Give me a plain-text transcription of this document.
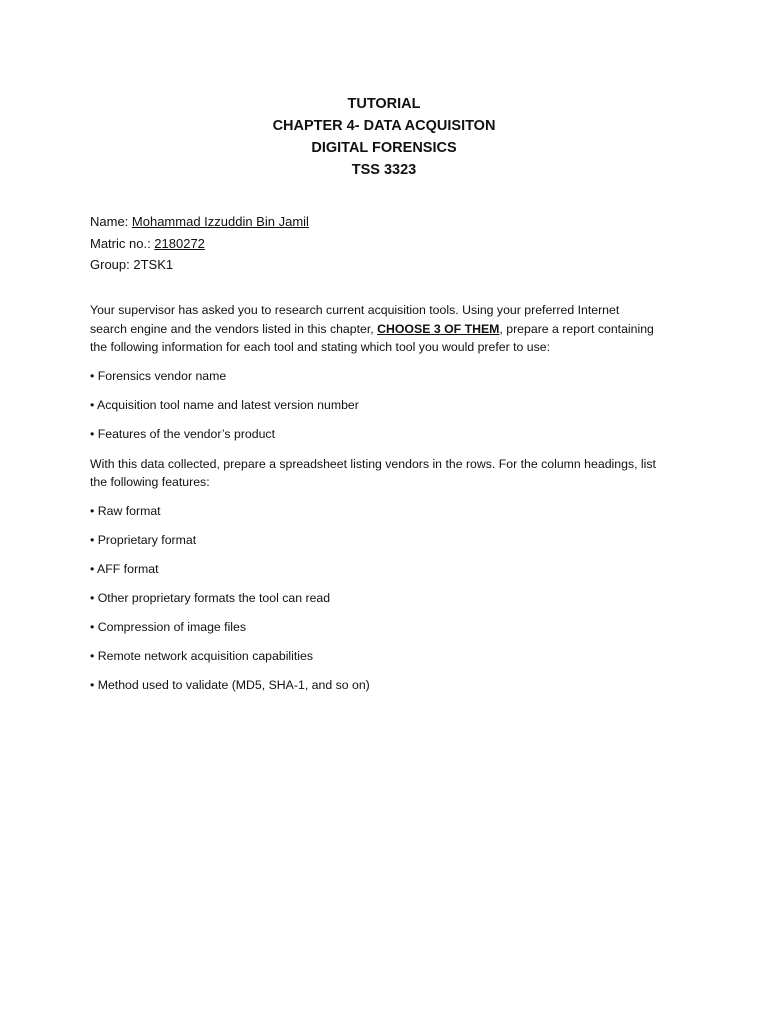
TUTORIAL

CHAPTER 4- DATA ACQUISITON

DIGITAL FORENSICS

TSS 3323

Name: Mohammad Izzuddin Bin Jamil

Matric no.: 2180272

Group: 2TSK1

Your supervisor has asked you to research current acquisition tools. Using your preferred Internet

search engine and the vendors listed in this chapter, CHOOSE 3 OF THEM, prepare a report containing

the following information for each tool and stating which tool you would prefer to use:

• Forensics vendor name

• Acquisition tool name and latest version number

• Features of the vendor’s product

With this data collected, prepare a spreadsheet listing vendors in the rows. For the column headings, list

the following features:

• Raw format

• Proprietary format

• AFF format

• Other proprietary formats the tool can read

• Compression of image files

• Remote network acquisition capabilities

• Method used to validate (MD5, SHA-1, and so on)
